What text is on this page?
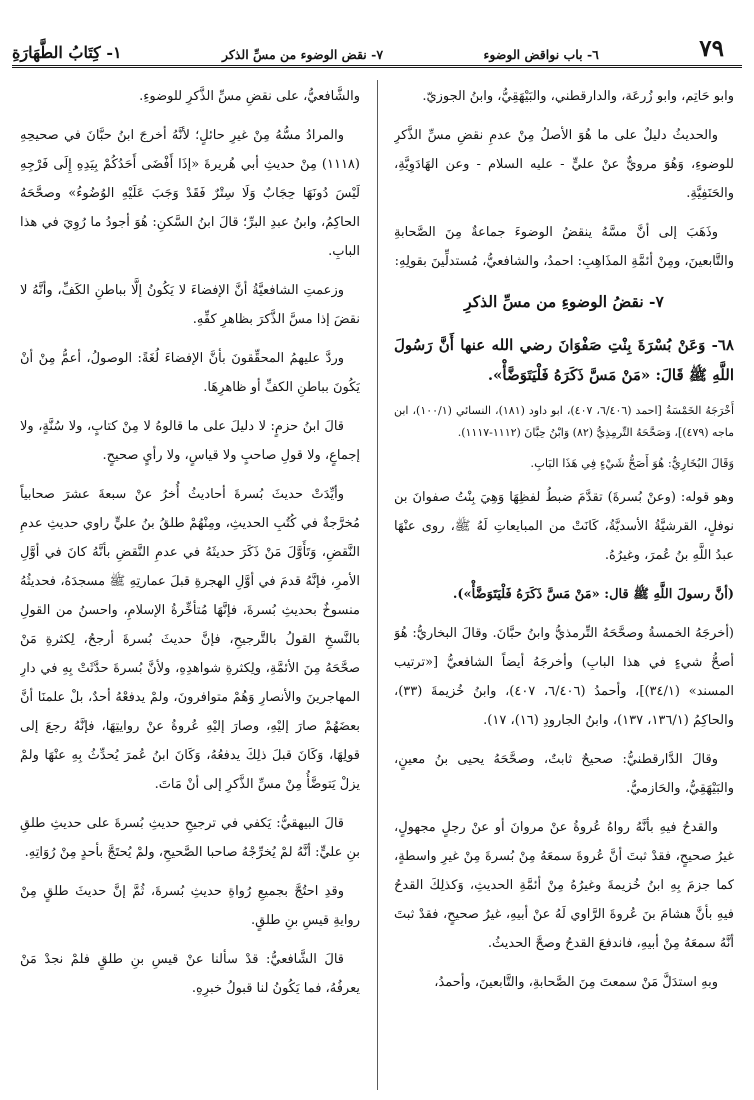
٧٩
٦- باب نواقض الوضوء
٧- نقض الوضوء من مسِّ الذكر
١- كِتَابُ الطَّهَارَةِ

وابو حَاتِم، وابو زُرعَة، والدارقطني، والبَيْهَقِيُّ، وابنُ الجوزيّ.

والحديثُ دليلٌ على ما هُوَ الأصلُ مِنْ عدمِ نقضِ مسِّ الذَّكرِ للوضوءِ، وَهُوَ مرويٌّ عنْ عليٍّ - عليه السلام - وعن الهَادَوِيَّةِ، والحَنَفِيَّةِ.

وذَهَبَ إلى أنَّ مسَّهُ ينقضُ الوضوءَ جماعةٌ مِنَ الصَّحابةِ والتَّابعينَ، ومِنْ أئمَّةِ المذَاهِبِ: احمدُ، والشافعيُّ، مُستدلِّينَ بقولِهِ:

٧- نقضُ الوضوءِ من مسِّ الذكرِ

٦٨- وَعَنْ بُسْرَةَ بِنْتِ صَفْوَانَ رضي الله عنها أَنَّ رَسُولَ اللَّهِ ﷺ قَالَ: «مَنْ مَسَّ ذَكَرَهُ فَلْيَتَوَضَّأْ».

أَخْرَجَهُ الخَمْسَةُ [احمد (٦/٤٠٦، ٤٠٧)، ابو داود (١٨١)، النسائي (١٠٠/١)، ابن ماجه (٤٧٩)]، وَصَحَّحَهُ التِّرمِذِيُّ (٨٢) وَابْنُ حِبَّانَ (١١١٢-١١١٧).

وَقَالَ البُخَارِيُّ: هُوَ أَصَحُّ شَيْءٍ فِي هَذَا البَابِ.

وهو قوله: (وعنْ بُسرةَ) تقدَّمَ ضبطُ لفظِهَا وَهِيَ بِنْتُ صفوانَ بن نوفلٍ، القرشيَّةُ الأسديَّةُ، كَانَتْ من المبايعاتِ لَهُ ﷺ، روى عنْهَا عبدُ اللَّهِ بنُ عُمرَ، وغيرُهُ.

(أنَّ رسولَ اللَّهِ ﷺ قال: «مَنْ مَسَّ ذَكَرَهُ فَلْيَتَوَضَّأْ»).

(أخرجَهُ الخمسةُ وصحَّحَهُ التِّرمذيُّ وابنُ حبَّانَ. وقالَ البخاريُّ: هُوَ أصحُّ شيءٍ في هذا البابِ) وأخرجَهُ أيضاً الشافعيُّ [«ترتيب المسند» (٣٤/١)]، وأحمدُ (٦/٤٠٦، ٤٠٧)، وابنُ خُزيمةَ (٣٣)، والحاكِمُ (١٣٦/١، ١٣٧)، وابنُ الجارودِ (١٦)، ١٧).

وقالَ الدَّارقطنيُّ: صحيحٌ ثابتٌ، وصحَّحَهُ يحيى بنُ معينٍ، والبَيْهَقِيُّ، والحَازميُّ.

والقدحُ فيهِ بأنَّهُ رواهُ عُروةُ عنْ مروانَ أو عنْ رجلٍ مجهولٍ، غيرُ صحيحٍ، فقدْ ثبتَ أنَّ عُروةَ سمعَهُ مِنْ بُسرةَ مِنْ غيرِ واسطةٍ، كما جزمَ بِهِ ابنُ خُزيمةَ وغيرُهُ مِنْ أئمَّةِ الحديثِ، وَكذلِكَ القدحُ فيهِ بأنَّ هشامَ بنَ عُروةَ الرَّاوي لَهُ عنْ أبيهِ، غيرُ صحيحٍ، فقدْ ثبتَ أنَّهُ سمعَهُ مِنْ أبيهِ، فاندفعَ القدحُ وصحَّ الحديثُ.

وبهِ استدَلَّ مَنْ سمعتَ مِنَ الصَّحابةِ، والتَّابعينَ، وأحمدُ،

والشَّافعيُّ، على نقضِ مسِّ الذَّكرِ للوضوءِ.

والمرادُ مسُّهُ مِنْ غيرِ حائلٍ؛ لأنَّهُ أخرجَ ابنُ حبَّانَ في صحيحِهِ (١١١٨) مِنْ حديثِ أبي هُريرةَ «إذَا أَفْضَى أَحَدُكُمْ بِيَدِهِ إِلَى فَرْجِهِ لَيْسَ دُونَهَا حِجَابٌ وَلَا سِتْرٌ فَقَدْ وَجَبَ عَلَيْهِ الوُضُوءُ» وصحَّحَهُ الحاكِمُ، وابنُ عبدِ البرِّ؛ قالَ ابنُ السَّكنِ: هُوَ أجودُ ما رُوِيَ في هذا البابِ.

وزعمتِ الشافعيَّةُ أنَّ الإفضاءَ لا يَكُونُ إلَّا بباطنِ الكَفِّ، وأنَّهُ لا نقضَ إذا مسَّ الذَّكرَ بظاهرِ كفِّهِ.

وردَّ عليهمُ المحقِّقونَ بأنَّ الإفضاءَ لُغَةً: الوصولُ، أعمُّ مِنْ أنْ يَكُونَ بباطنِ الكفِّ أو ظاهرِهَا.

قالَ ابنُ حزمٍ: لا دليلَ على ما قالوهُ لا مِنْ كتابٍ، ولا سُنَّةٍ، ولا إجماعٍ، ولا قولِ صاحبٍ ولا قياسٍ، ولا رأيٍ صحيحٍ.

وأيِّدَتْ حديثَ بُسرةَ أحاديثُ أُخرُ عنْ سبعةَ عشرَ صحابياً مُخرَّجةٌ في كُتُبِ الحديثِ، ومِنْهُمْ طلقُ بنُ عليٍّ راوي حديثِ عدمِ النَّقضِ، وَتَأَوَّلَ مَنْ ذَكَرَ حديثَهُ في عدمِ النَّقضِ بأنَّهُ كانَ في أوَّلِ الأمرِ، فإنَّهُ قدمَ في أوَّلِ الهجرةِ قبلَ عمارتِهِ ﷺ مسجدَهُ، فحديثُهُ منسوخٌ بحديثِ بُسرةَ، فإنَّهَا مُتأخِّرةُ الإسلامِ، واحسنُ من القولِ بالنَّسخِ القولُ بالتَّرجيحِ، فإنَّ حديثَ بُسرةَ أرجحُ، لِكثرةِ مَنْ صحَّحَهُ مِنَ الأئمَّةِ، ولِكثرةِ شواهدِهِ، ولأنَّ بُسرةَ حدَّثَتْ بِهِ في دارِ المهاجرينَ والأنصارِ وَهُمْ متوافرونَ، ولمْ يدفعْهُ أحدٌ، بلْ علمنَا أنَّ بعضَهُمْ صارَ إليْهِ، وصارَ إليْهِ عُروةُ عنْ روايتِهَا، فإنَّهُ رجعَ إلى قولِهَا، وَكَانَ قبلَ ذلِكَ يدفعُهُ، وَكَانَ ابنُ عُمرَ يُحدِّثُ بِهِ عنْهَا ولمْ يزلْ يَتوضَّأُ مِنْ مسِّ الذَّكرِ إلى أنْ مَاتَ.

قالَ البيهقيُّ: يَكفي في ترجيحِ حديثِ بُسرةَ على حديثِ طلقِ بنِ عليٍّ: أنَّهُ لمْ يُخرِّجْهُ صاحبا الصَّحيحِ، ولمْ يُحتَجَّ بأحدٍ مِنْ رُوَاتِهِ.

وقدِ احتُجَّ بجميعِ رُواةِ حديثِ بُسرةَ، ثُمَّ إنَّ حديثَ طلقٍ مِنْ روايةِ قيسِ بنِ طلقٍ.

قالَ الشَّافعيُّ: قدْ سألنا عنْ قيسِ بنِ طلقٍ فلمْ نجدْ مَنْ يعرفُهُ، فما يَكُونُ لنا قبولُ خبرِهِ.
